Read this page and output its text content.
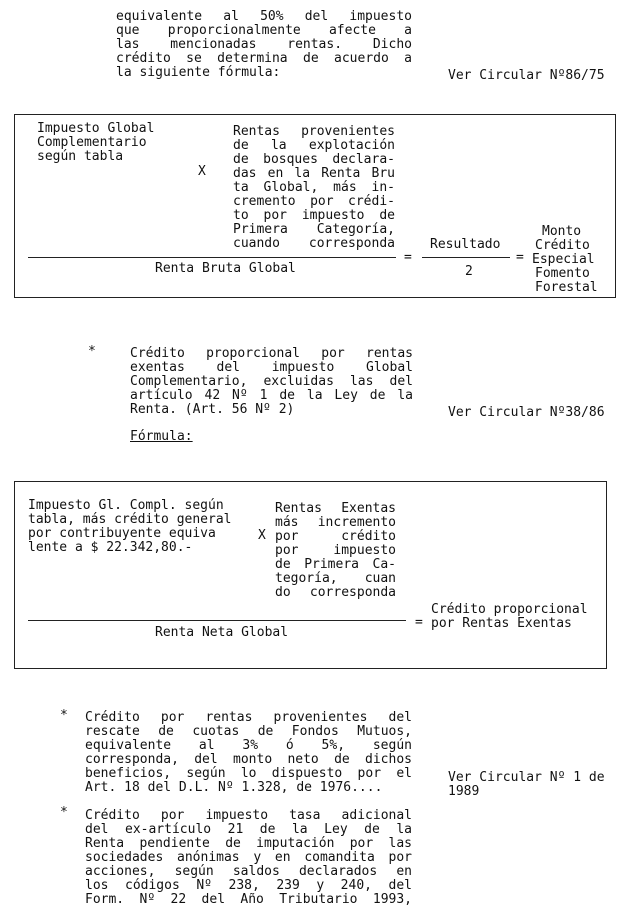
equivalente al 50% del impuesto
que proporcionalmente afecte a
las mencionadas rentas. Dicho
crédito se determina de acuerdo a
la siguiente fórmula:	Ver Circular Nº86/75
Impuesto Global
Complementario
según tabla
X
Rentas provenientes
de la explotación
de bosques declara-
das en la Renta Bru
ta Global, más in-
cremento por crédi-
to por impuesto de
Primera Categoría,
cuando corresponda
=
Resultado
=
Renta Bruta Global	2
Monto
Crédito
Especial
Fomento
Forestal
*	Crédito proporcional por rentas
exentas del impuesto Global
Complementario, excluidas las del
artículo 42 Nº 1 de la Ley de la
Renta. (Art. 56 Nº 2)	Ver Circular Nº38/86
Fórmula:
Impuesto Gl. Compl. según
tabla, más crédito general
por contribuyente equiva
lente a $ 22.342,80.-
X
Rentas Exentas
más incremento
por crédito
por impuesto
de Primera Ca-
tegoría, cuan
do corresponda
=
Renta Neta Global
Crédito proporcional
por Rentas Exentas
* Crédito por rentas provenientes del
rescate de cuotas de Fondos Mutuos,
equivalente al 3% ó 5%, según
corresponda, del monto neto de dichos
beneficios, según lo dispuesto por el
Art. 18 del D.L. Nº 1.328, de 1976....
Ver Circular Nº 1 de
1989
* Crédito por impuesto tasa adicional
del ex-artículo 21 de la Ley de la
Renta pendiente de imputación por las
sociedades anónimas y en comandita por
acciones, según saldos declarados en
los códigos Nº 238, 239 y 240, del
Form. Nº 22 del Año Tributario 1993,
